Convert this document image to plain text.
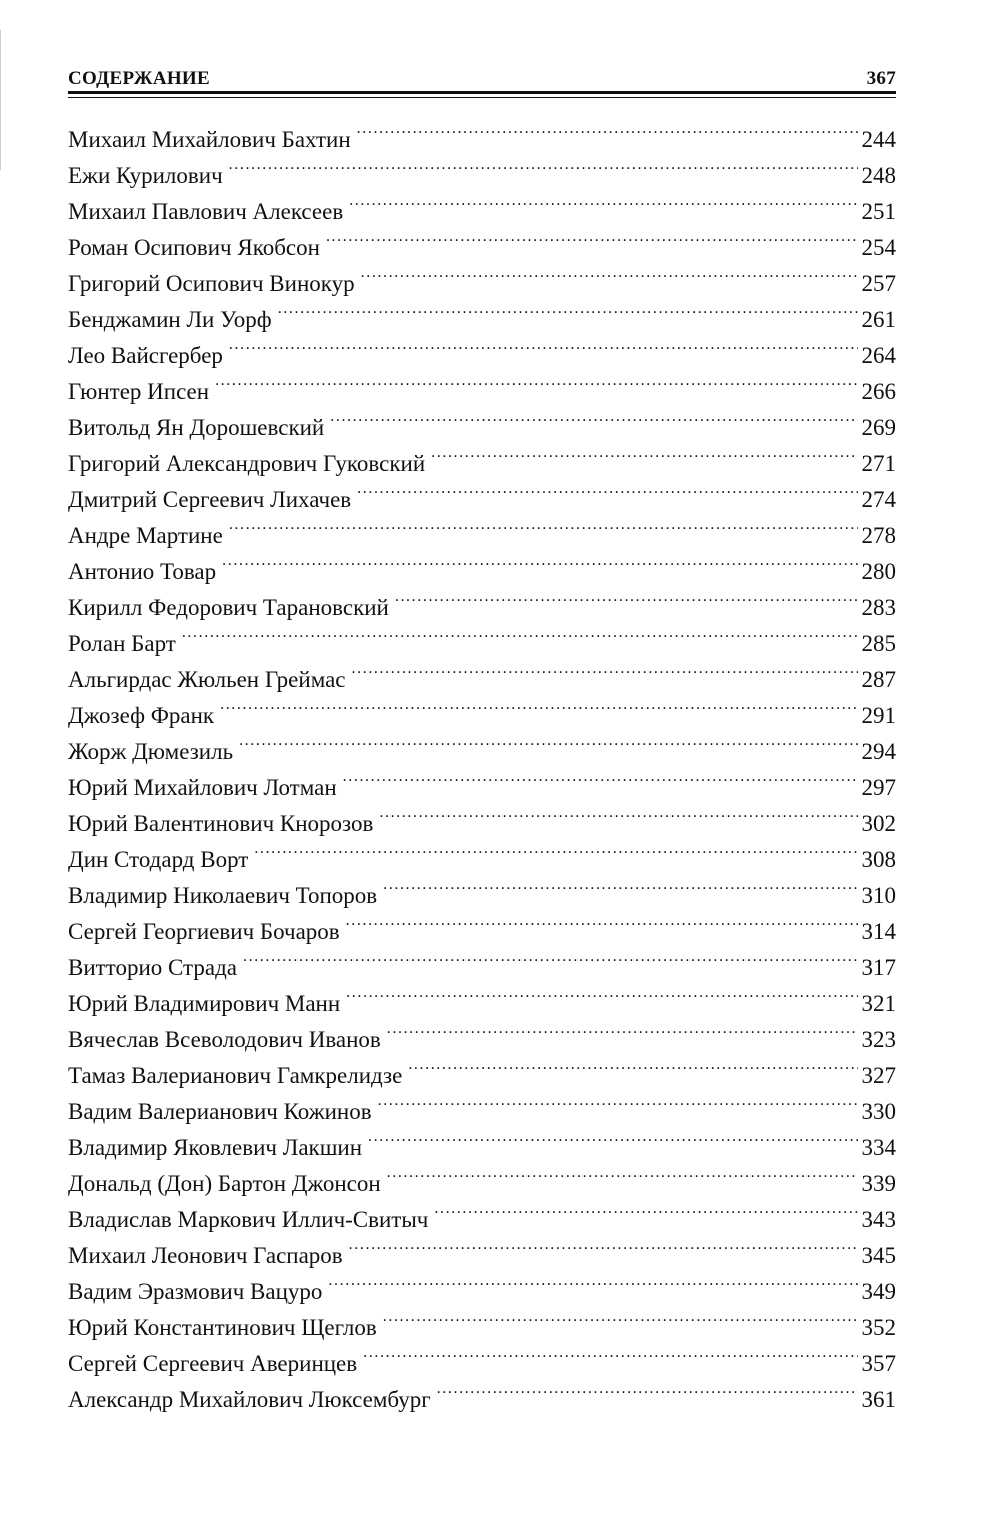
СОДЕРЖАНИЕ	367
Михаил Михайлович Бахтин .....	244
Ежи Курилович .....	248
Михаил Павлович Алексеев .....	251
Роман Осипович Якобсон .....	254
Григорий Осипович Винокур .....	257
Бенджамин Ли Уорф .....	261
Лео Вайсгербер .....	264
Гюнтер Ипсен .....	266
Витольд Ян Дорошевский .....	269
Григорий Александрович Гуковский .....	271
Дмитрий Сергеевич Лихачев .....	274
Андре Мартине .....	278
Антонио Товар .....	280
Кирилл Федорович Тарановский .....	283
Ролан Барт .....	285
Альгирдас Жюльен Греймас .....	287
Джозеф Франк .....	291
Жорж Дюмезиль .....	294
Юрий Михайлович Лотман .....	297
Юрий Валентинович Кнорозов .....	302
Дин Стодард Ворт .....	308
Владимир Николаевич Топоров .....	310
Сергей Георгиевич Бочаров .....	314
Витторио Страда .....	317
Юрий Владимирович Манн .....	321
Вячеслав Всеволодович Иванов .....	323
Тамаз Валерианович Гамкрелидзе .....	327
Вадим Валерианович Кожинов .....	330
Владимир Яковлевич Лакшин .....	334
Дональд (Дон) Бартон Джонсон .....	339
Владислав Маркович Иллич-Свитыч .....	343
Михаил Леонович Гаспаров .....	345
Вадим Эразмович Вацуро .....	349
Юрий Константинович Щеглов .....	352
Сергей Сергеевич Аверинцев .....	357
Александр Михайлович Люксембург .....	361
